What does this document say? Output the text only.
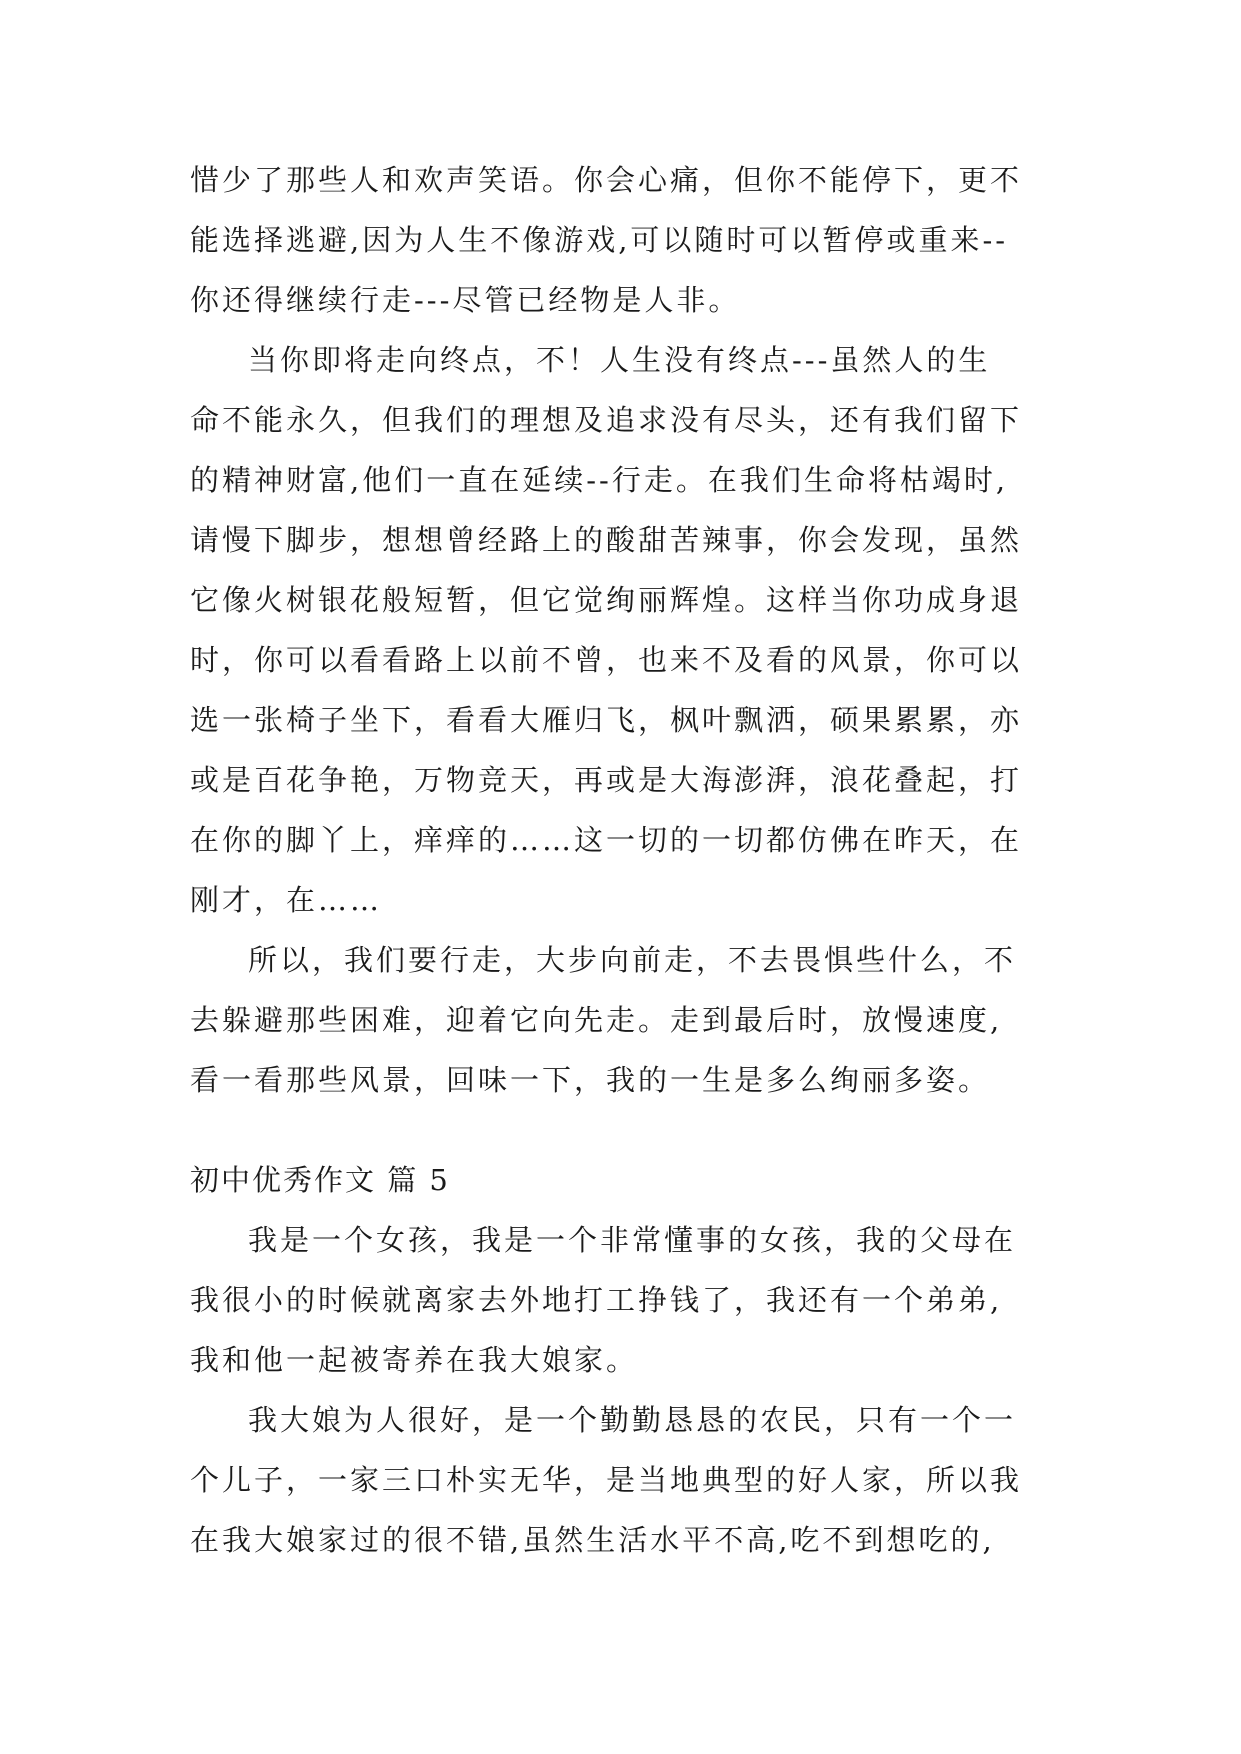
惜少了那些人和欢声笑语。你会心痛，但你不能停下，更不
能选择逃避,因为人生不像游戏,可以随时可以暂停或重来--
你还得继续行走---尽管已经物是人非。
当你即将走向终点，不！人生没有终点---虽然人的生
命不能永久，但我们的理想及追求没有尽头，还有我们留下
的精神财富,他们一直在延续--行走。在我们生命将枯竭时,
请慢下脚步，想想曾经路上的酸甜苦辣事，你会发现，虽然
它像火树银花般短暂，但它觉绚丽辉煌。这样当你功成身退
时，你可以看看路上以前不曾，也来不及看的风景，你可以
选一张椅子坐下，看看大雁归飞，枫叶飘洒，硕果累累，亦
或是百花争艳，万物竞天，再或是大海澎湃，浪花叠起，打
在你的脚丫上，痒痒的……这一切的一切都仿佛在昨天，在
刚才，在……
所以，我们要行走，大步向前走，不去畏惧些什么，不
去躲避那些困难，迎着它向先走。走到最后时，放慢速度,
看一看那些风景，回味一下，我的一生是多么绚丽多姿。
初中优秀作文 篇 5
我是一个女孩，我是一个非常懂事的女孩，我的父母在
我很小的时候就离家去外地打工挣钱了，我还有一个弟弟,
我和他一起被寄养在我大娘家。
我大娘为人很好，是一个勤勤恳恳的农民，只有一个一
个儿子，一家三口朴实无华，是当地典型的好人家，所以我
在我大娘家过的很不错,虽然生活水平不高,吃不到想吃的,
